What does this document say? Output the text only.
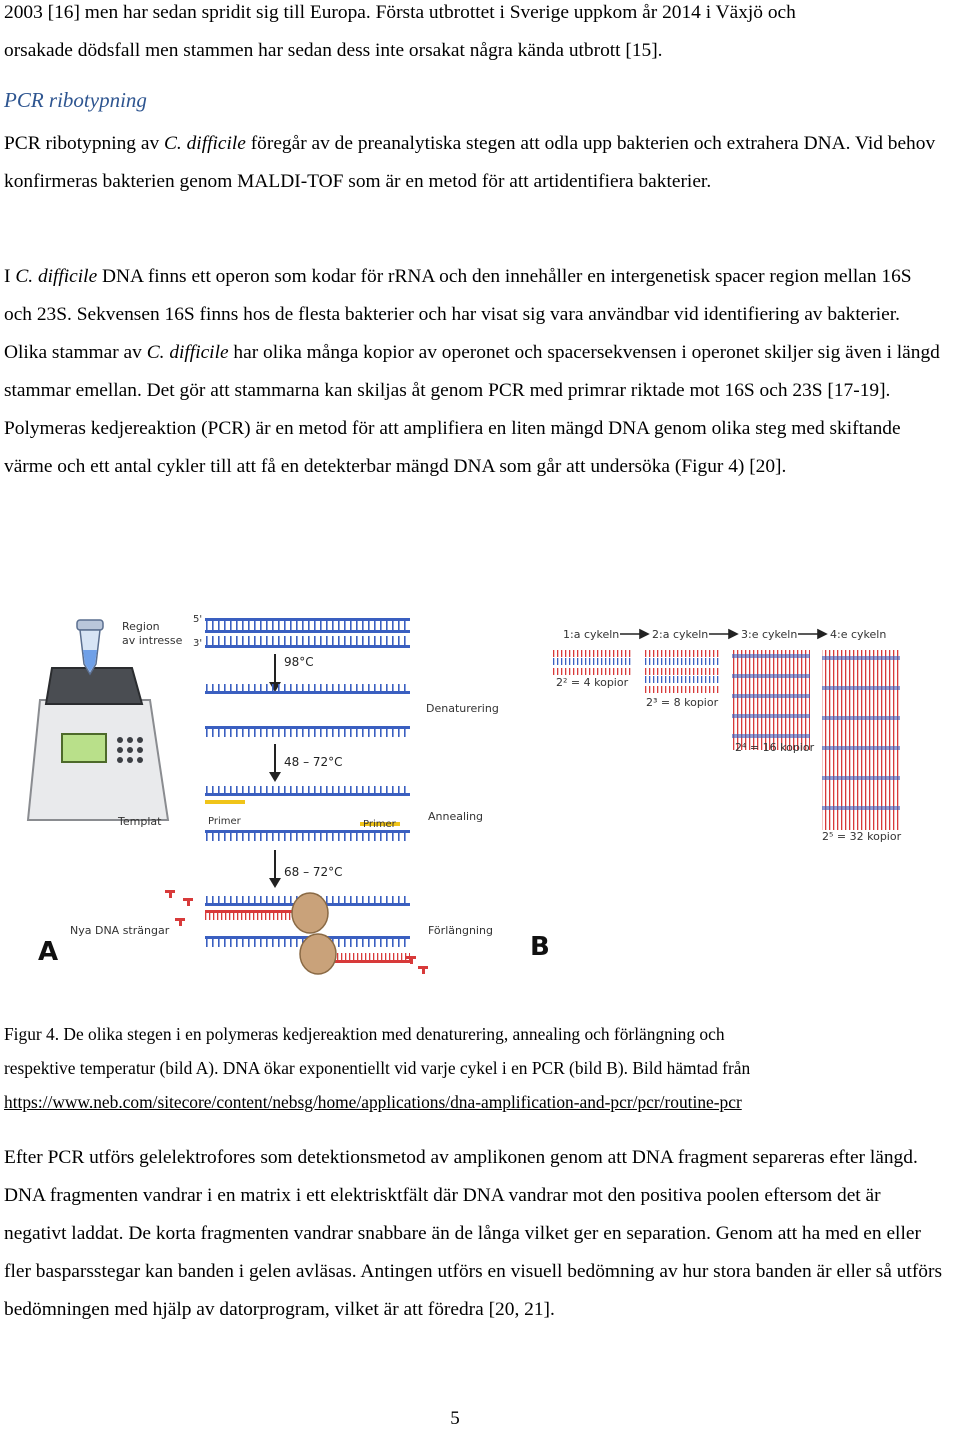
2003 [16] men har sedan spridit sig till Europa. Första utbrottet i Sverige uppkom år 2014 i Växjö och
orsakade dödsfall men stammen har sedan dess inte orsakat några kända utbrott [15].

PCR ribotypning

PCR ribotypning av C. difficile föregår av de preanalytiska stegen att odla upp bakterien och extrahera DNA. Vid behov konfirmeras bakterien genom MALDI-TOF som är en metod för att artidentifiera bakterier.

I C. difficile DNA finns ett operon som kodar för rRNA och den innehåller en intergenetisk spacer region mellan 16S och 23S. Sekvensen 16S finns hos de flesta bakterier och har visat sig vara användbar vid identifiering av bakterier. Olika stammar av C. difficile har olika många kopior av operonet och spacersekvensen i operonet skiljer sig även i längd stammar emellan. Det gör att stammarna kan skiljas åt genom PCR med primrar riktade mot 16S och 23S [17-19]. Polymeras kedjereaktion (PCR) är en metod för att amplifiera en liten mängd DNA genom olika steg med skiftande värme och ett antal cykler till att få en detekterbar mängd DNA som går att undersöka (Figur 4) [20].

Region
av intresse
5'
3'
98°C
Denaturering
48 – 72°C
Templat	Primer	Primer
Annealing
68 – 72°C
Nya DNA strängar	Förlängning
A
1:a cykeln	2:a cykeln	3:e cykeln	4:e cykeln
2² = 4 kopior
2³ = 8 kopior
2⁴ = 16 kopior
2⁵ = 32 kopior
B

Figur 4. De olika stegen i en polymeras kedjereaktion med denaturering, annealing och förlängning och
respektive temperatur (bild A). DNA ökar exponentiellt vid varje cykel i en PCR (bild B). Bild hämtad från
https://www.neb.com/sitecore/content/nebsg/home/applications/dna-amplification-and-pcr/pcr/routine-pcr

Efter PCR utförs gelelektrofores som detektionsmetod av amplikonen genom att DNA fragment separeras efter längd. DNA fragmenten vandrar i en matrix i ett elektrisktfält där DNA vandrar mot den positiva poolen eftersom det är negativt laddat. De korta fragmenten vandrar snabbare än de långa vilket ger en separation. Genom att ha med en eller fler basparsstegar kan banden i gelen avläsas. Antingen utförs en visuell bedömning av hur stora banden är eller så utförs bedömningen med hjälp av datorprogram, vilket är att föredra [20, 21].

5
